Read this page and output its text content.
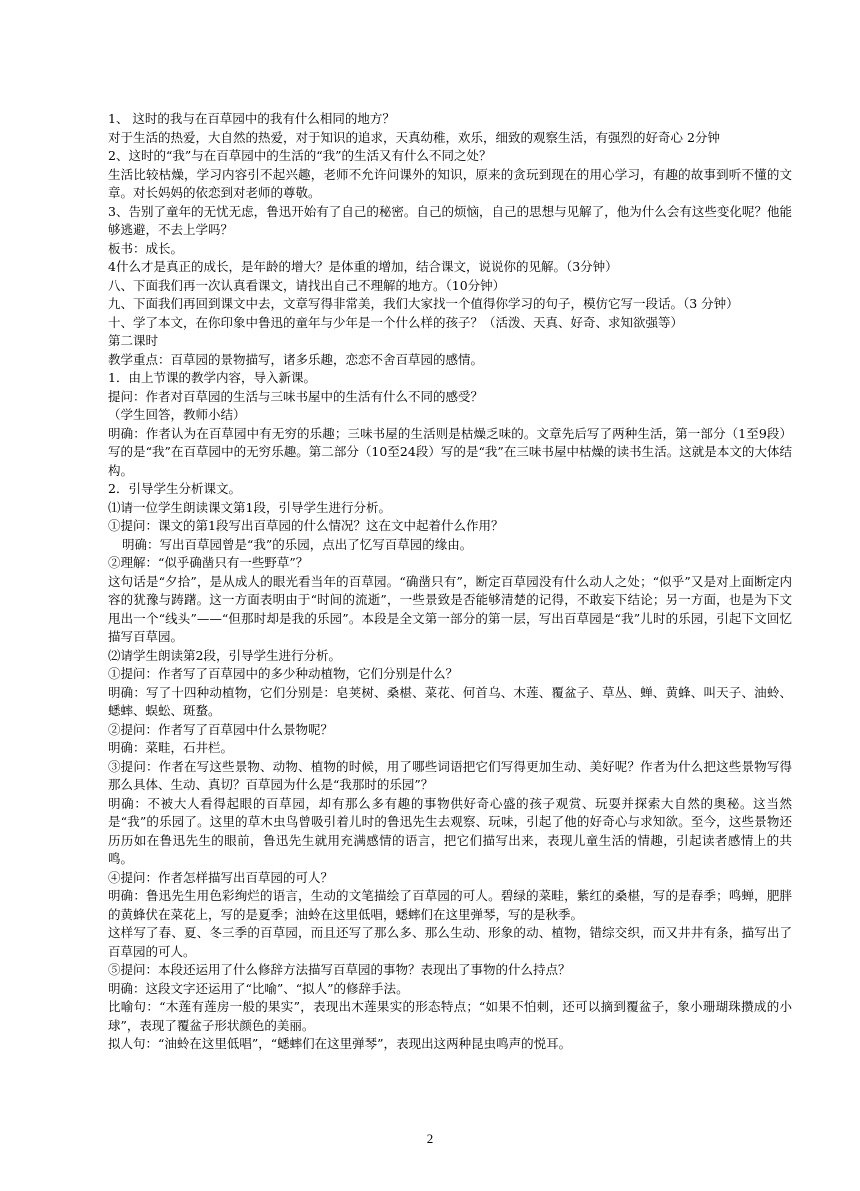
1、 这时的我与在百草园中的我有什么相同的地方？

对于生活的热爱，大自然的热爱，对于知识的追求，天真幼稚，欢乐，细致的观察生活，有强烈的好奇心 2分钟

2、这时的“我”与在百草园中的生活的“我”的生活又有什么不同之处？

生活比较枯燥，学习内容引不起兴趣，老师不允许问课外的知识，原来的贪玩到现在的用心学习，有趣的故事到听不懂的文章。对长妈妈的依恋到对老师的尊敬。

3、告别了童年的无忧无虑，鲁迅开始有了自己的秘密。自己的烦恼，自己的思想与见解了，他为什么会有这些变化呢？他能够逃避，不去上学吗？

板书：成长。

4什么才是真正的成长，是年龄的增大？是体重的增加，结合课文，说说你的见解。（3分钟）

八、下面我们再一次认真看课文，请找出自己不理解的地方。（10分钟）

九、下面我们再回到课文中去，文章写得非常美，我们大家找一个值得你学习的句子，模仿它写一段话。（3 分钟）

十、学了本文，在你印象中鲁迅的童年与少年是一个什么样的孩子？（活泼、天真、好奇、求知欲强等）

第二课时

教学重点：百草园的景物描写，诸多乐趣，恋恋不舍百草园的感情。

1．由上节课的教学内容，导入新课。

提问：作者对百草园的生活与三味书屋中的生活有什么不同的感受？

（学生回答，教师小结）

明确：作者认为在百草园中有无穷的乐趣；三味书屋的生活则是枯燥乏味的。文章先后写了两种生活，第一部分（1至9段）写的是“我”在百草园中的无穷乐趣。第二部分（10至24段）写的是“我”在三味书屋中枯燥的读书生活。这就是本文的大体结构。

2．引导学生分析课文。

⑴请一位学生朗读课文第1段，引导学生进行分析。

①提问：课文的第1段写出百草园的什么情况？这在文中起着什么作用？

明确：写出百草园曾是“我”的乐园，点出了忆写百草园的缘由。

②理解：“似乎确凿只有一些野草”？

这句话是“夕拾”，是从成人的眼光看当年的百草园。“确凿只有”，断定百草园没有什么动人之处；“似乎”又是对上面断定内容的犹豫与踌躇。这一方面表明由于“时间的流逝”，一些景致是否能够清楚的记得，不敢妄下结论；另一方面，也是为下文甩出一个“线头”——“但那时却是我的乐园”。本段是全文第一部分的第一层，写出百草园是“我”儿时的乐园，引起下文回忆描写百草园。

⑵请学生朗读第2段，引导学生进行分析。

①提问：作者写了百草园中的多少种动植物，它们分别是什么？

明确：写了十四种动植物，它们分别是：皂荚树、桑椹、菜花、何首乌、木莲、覆盆子、草丛、蝉、黄蜂、叫天子、油蛉、蟋蟀、蜈蚣、斑蝥。

②提问：作者写了百草园中什么景物呢？

明确：菜畦，石井栏。

③提问：作者在写这些景物、动物、植物的时候，用了哪些词语把它们写得更加生动、美好呢？作者为什么把这些景物写得那么具体、生动、真切？百草园为什么是“我那时的乐园”？

明确：不被大人看得起眼的百草园，却有那么多有趣的事物供好奇心盛的孩子观赏、玩耍并探索大自然的奥秘。这当然是“我”的乐园了。这里的草木虫鸟曾吸引着儿时的鲁迅先生去观察、玩味，引起了他的好奇心与求知欲。至今，这些景物还历历如在鲁迅先生的眼前，鲁迅先生就用充满感情的语言，把它们描写出来，表现儿童生活的情趣，引起读者感情上的共鸣。

④提问：作者怎样描写出百草园的可人？

明确：鲁迅先生用色彩绚烂的语言，生动的文笔描绘了百草园的可人。碧绿的菜畦，紫红的桑椹，写的是春季；鸣蝉，肥胖的黄蜂伏在菜花上，写的是夏季；油蛉在这里低唱，蟋蟀们在这里弹琴，写的是秋季。

这样写了春、夏、冬三季的百草园，而且还写了那么多、那么生动、形象的动、植物，错综交织，而又井井有条，描写出了百草园的可人。

⑤提问：本段还运用了什么修辞方法描写百草园的事物？表现出了事物的什么持点？

明确：这段文字还运用了“比喻”、“拟人”的修辞手法。

比喻句：“木莲有莲房一般的果实”，表现出木莲果实的形态特点；“如果不怕刺，还可以摘到覆盆子，象小珊瑚珠攒成的小球”，表现了覆盆子形状颜色的美丽。

拟人句：“油蛉在这里低唱”，“蟋蟀们在这里弹琴”，表现出这两种昆虫鸣声的悦耳。

2
